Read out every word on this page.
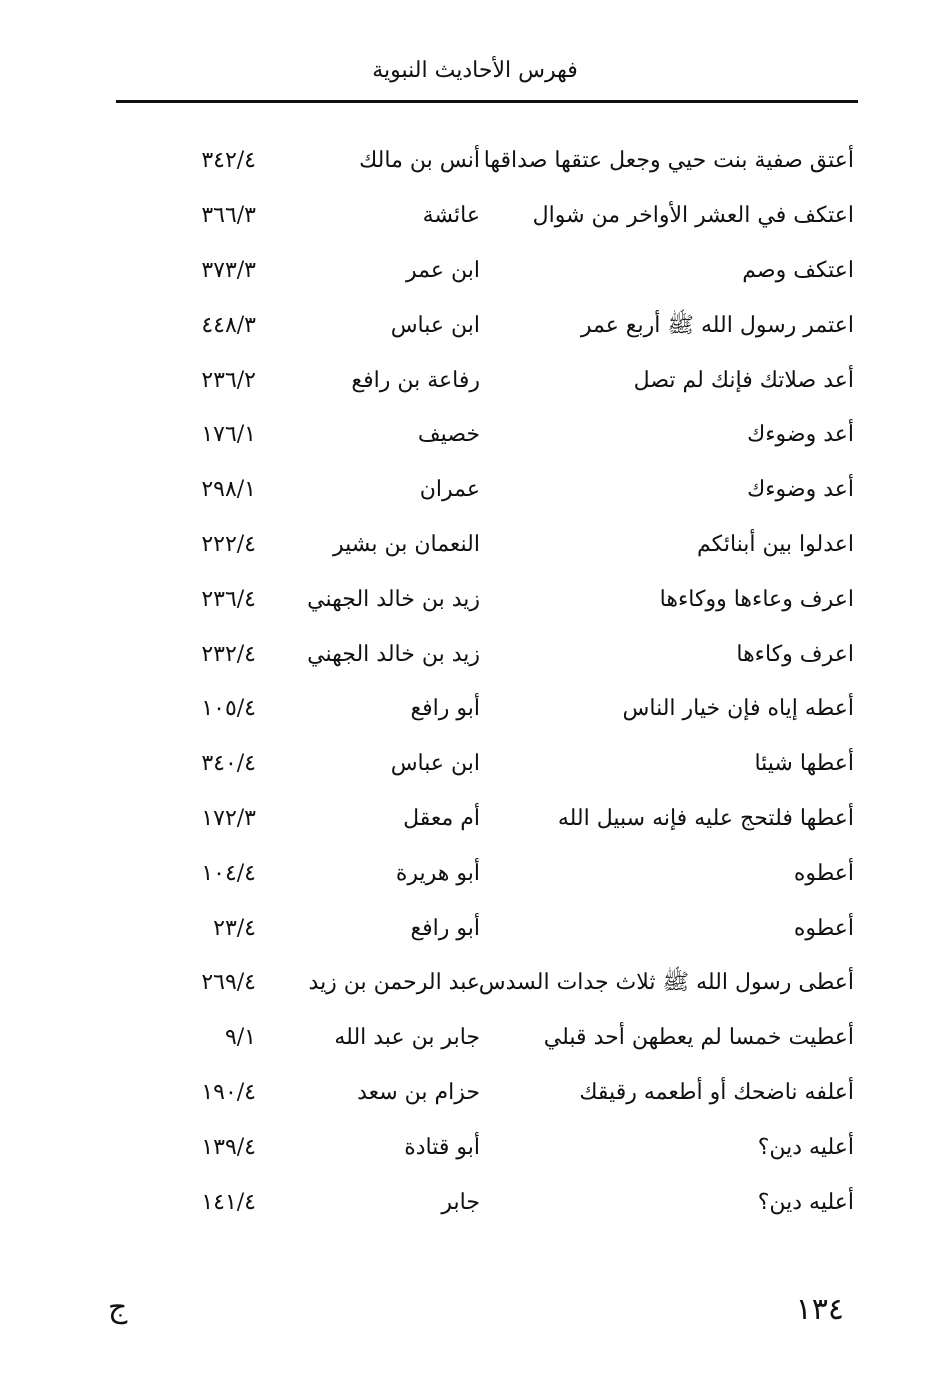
فهرس الأحاديث النبوية
أعتق صفية بنت حيي وجعل عتقها صداقها
أنس بن مالك
٣٤٢/٤
اعتكف في العشر الأواخر من شوال
عائشة
٣٦٦/٣
اعتكف وصم
ابن عمر
٣٧٣/٣
اعتمر رسول الله ﷺ أربع عمر
ابن عباس
٤٤٨/٣
أعد صلاتك فإنك لم تصل
رفاعة بن رافع
٢٣٦/٢
أعد وضوءك
خصيف
١٧٦/١
أعد وضوءك
عمران
٢٩٨/١
اعدلوا بين أبنائكم
النعمان بن بشير
٢٢٢/٤
اعرف وعاءها ووكاءها
زيد بن خالد الجهني
٢٣٦/٤
اعرف وكاءها
زيد بن خالد الجهني
٢٣٢/٤
أعطه إياه فإن خيار الناس
أبو رافع
١٠٥/٤
أعطها شيئا
ابن عباس
٣٤٠/٤
أعطها فلتحج عليه فإنه سبيل الله
أم معقل
١٧٢/٣
أعطوه
أبو هريرة
١٠٤/٤
أعطوه
أبو رافع
٢٣/٤
أعطى رسول الله ﷺ ثلاث جدات السدس
عبد الرحمن بن زيد
٢٦٩/٤
أعطيت خمسا لم يعطهن أحد قبلي
جابر بن عبد الله
٩/١
أعلفه ناضحك أو أطعمه رقيقك
حزام بن سعد
١٩٠/٤
أعليه دين؟
أبو قتادة
١٣٩/٤
أعليه دين؟
جابر
١٤١/٤
١٣٤
ج
